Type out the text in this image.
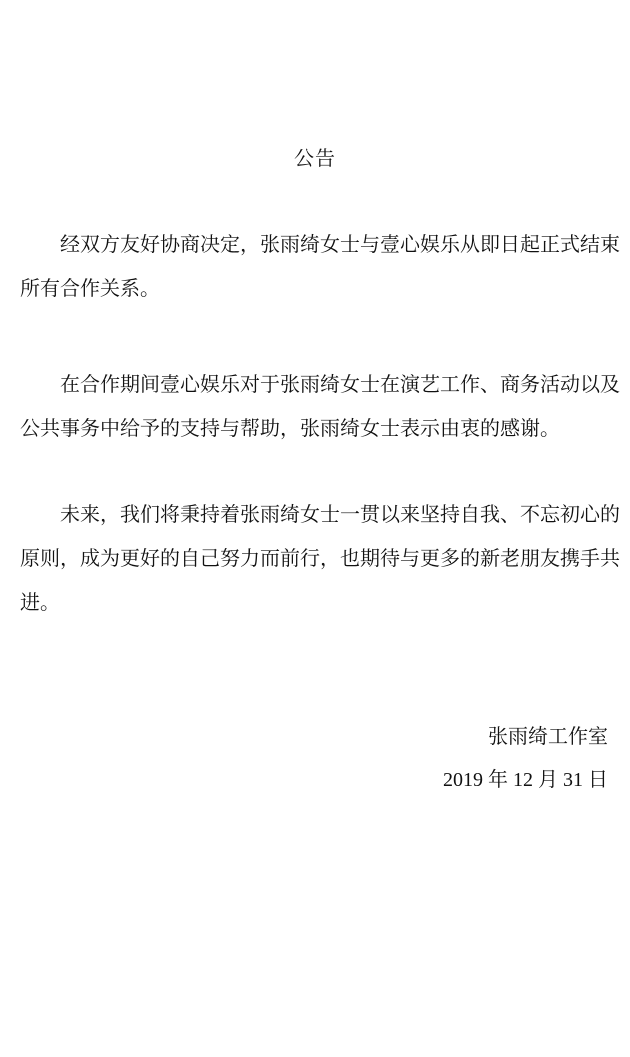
公告

经双方友好协商决定，张雨绮女士与壹心娱乐从即日起正式结束所有合作关系。

在合作期间壹心娱乐对于张雨绮女士在演艺工作、商务活动以及公共事务中给予的支持与帮助，张雨绮女士表示由衷的感谢。

未来，我们将秉持着张雨绮女士一贯以来坚持自我、不忘初心的原则，成为更好的自己努力而前行，也期待与更多的新老朋友携手共进。

张雨绮工作室
2019 年 12 月 31 日
